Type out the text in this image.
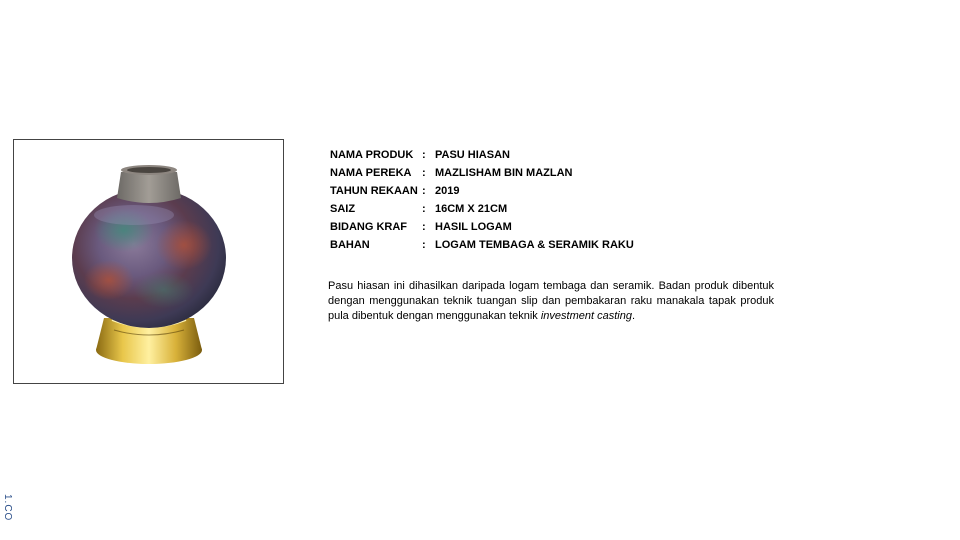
NAMA PRODUK	:	PASU HIASAN
NAMA PEREKA	:	MAZLISHAM BIN MAZLAN
TAHUN REKAAN	:	2019
SAIZ	:	16CM X 21CM
BIDANG KRAF	:	HASIL LOGAM
BAHAN	:	LOGAM TEMBAGA & SERAMIK RAKU

Pasu hiasan ini dihasilkan daripada logam tembaga dan seramik. Badan produk dibentuk dengan menggunakan teknik tuangan slip dan pembakaran raku manakala tapak produk pula dibentuk dengan menggunakan teknik investment casting.

1.CO
